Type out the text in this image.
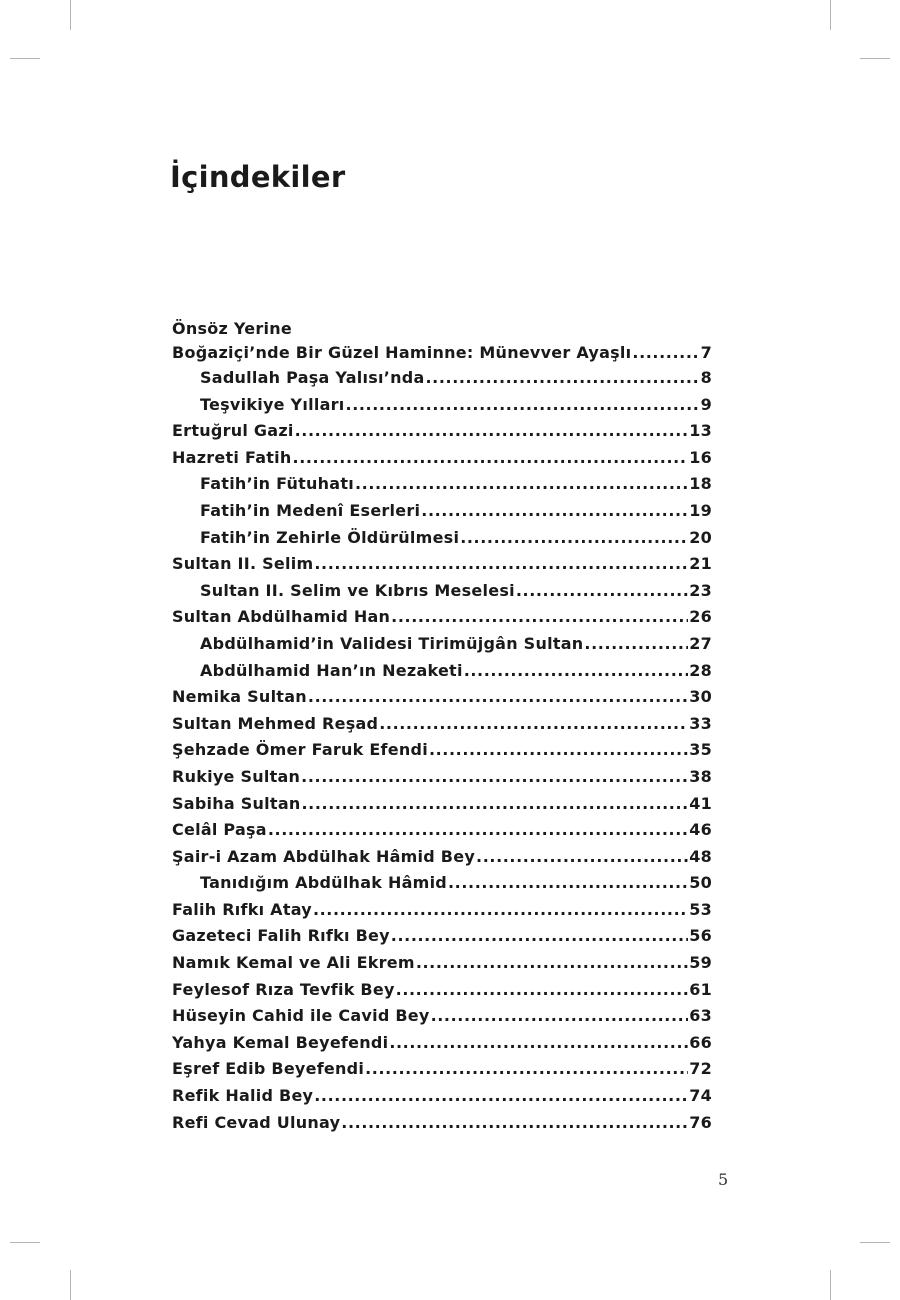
İçindekiler
Önsöz Yerine
Boğaziçi’nde Bir Güzel Haminne: Münevver Ayaşlı .....	7
Sadullah Paşa Yalısı’nda .....	8
Teşvikiye Yılları .....	9
Ertuğrul Gazi .....	13
Hazreti Fatih .....	16
Fatih’in Fütuhatı .....	18
Fatih’in Medenî Eserleri .....	19
Fatih’in Zehirle Öldürülmesi .....	20
Sultan II. Selim .....	21
Sultan II. Selim ve Kıbrıs Meselesi .....	23
Sultan Abdülhamid Han .....	26
Abdülhamid’in Validesi Tirimüjgân Sultan .....	27
Abdülhamid Han’ın Nezaketi .....	28
Nemika Sultan .....	30
Sultan Mehmed Reşad .....	33
Şehzade Ömer Faruk Efendi .....	35
Rukiye Sultan .....	38
Sabiha Sultan .....	41
Celâl Paşa .....	46
Şair-i Azam Abdülhak Hâmid Bey .....	48
Tanıdığım Abdülhak Hâmid .....	50
Falih Rıfkı Atay .....	53
Gazeteci Falih Rıfkı Bey .....	56
Namık Kemal ve Ali Ekrem .....	59
Feylesof Rıza Tevfik Bey .....	61
Hüseyin Cahid ile Cavid Bey .....	63
Yahya Kemal Beyefendi .....	66
Eşref Edib Beyefendi .....	72
Refik Halid Bey .....	74
Refi Cevad Ulunay .....	76
5
